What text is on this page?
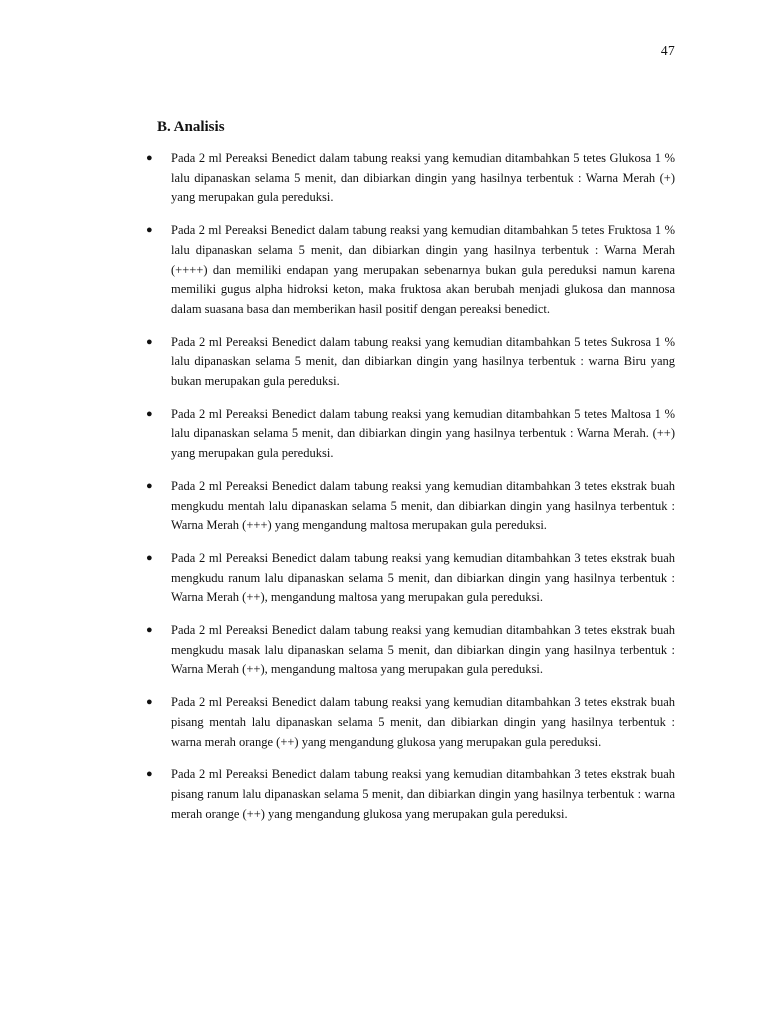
47
B. Analisis
● Pada 2 ml Pereaksi Benedict dalam tabung reaksi yang kemudian ditambahkan 5 tetes Glukosa 1 % lalu dipanaskan selama 5 menit, dan dibiarkan dingin yang hasilnya terbentuk : Warna Merah (+) yang merupakan gula pereduksi.
● Pada 2 ml Pereaksi Benedict dalam tabung reaksi yang kemudian ditambahkan 5 tetes Fruktosa 1 % lalu dipanaskan selama 5 menit, dan dibiarkan dingin yang hasilnya terbentuk : Warna Merah (++++) dan memiliki endapan yang merupakan sebenarnya bukan gula pereduksi namun karena memiliki gugus alpha hidroksi keton, maka fruktosa akan berubah menjadi glukosa dan mannosa dalam suasana basa dan memberikan hasil positif dengan pereaksi benedict.
● Pada 2 ml Pereaksi Benedict dalam tabung reaksi yang kemudian ditambahkan 5 tetes Sukrosa 1 % lalu dipanaskan selama 5 menit, dan dibiarkan dingin yang hasilnya terbentuk : warna Biru yang bukan merupakan gula pereduksi.
● Pada 2 ml Pereaksi Benedict dalam tabung reaksi yang kemudian ditambahkan 5 tetes Maltosa 1 % lalu dipanaskan selama 5 menit, dan dibiarkan dingin yang hasilnya terbentuk : Warna Merah. (++) yang merupakan gula pereduksi.
● Pada 2 ml Pereaksi Benedict dalam tabung reaksi yang kemudian ditambahkan 3 tetes ekstrak buah mengkudu mentah lalu dipanaskan selama 5 menit, dan dibiarkan dingin yang hasilnya terbentuk : Warna Merah (+++) yang mengandung maltosa merupakan gula pereduksi.
● Pada 2 ml Pereaksi Benedict dalam tabung reaksi yang kemudian ditambahkan 3 tetes ekstrak buah mengkudu ranum lalu dipanaskan selama 5 menit, dan dibiarkan dingin yang hasilnya terbentuk : Warna Merah (++), mengandung maltosa yang merupakan gula pereduksi.
● Pada 2 ml Pereaksi Benedict dalam tabung reaksi yang kemudian ditambahkan 3 tetes ekstrak buah mengkudu masak lalu dipanaskan selama 5 menit, dan dibiarkan dingin yang hasilnya terbentuk : Warna Merah (++), mengandung maltosa yang merupakan gula pereduksi.
● Pada 2 ml Pereaksi Benedict dalam tabung reaksi yang kemudian ditambahkan 3 tetes ekstrak buah pisang mentah lalu dipanaskan selama 5 menit, dan dibiarkan dingin yang hasilnya terbentuk : warna merah orange (++) yang mengandung glukosa yang merupakan gula pereduksi.
● Pada 2 ml Pereaksi Benedict dalam tabung reaksi yang kemudian ditambahkan 3 tetes ekstrak buah pisang ranum lalu dipanaskan selama 5 menit, dan dibiarkan dingin yang hasilnya terbentuk : warna merah orange (++) yang mengandung glukosa yang merupakan gula pereduksi.
